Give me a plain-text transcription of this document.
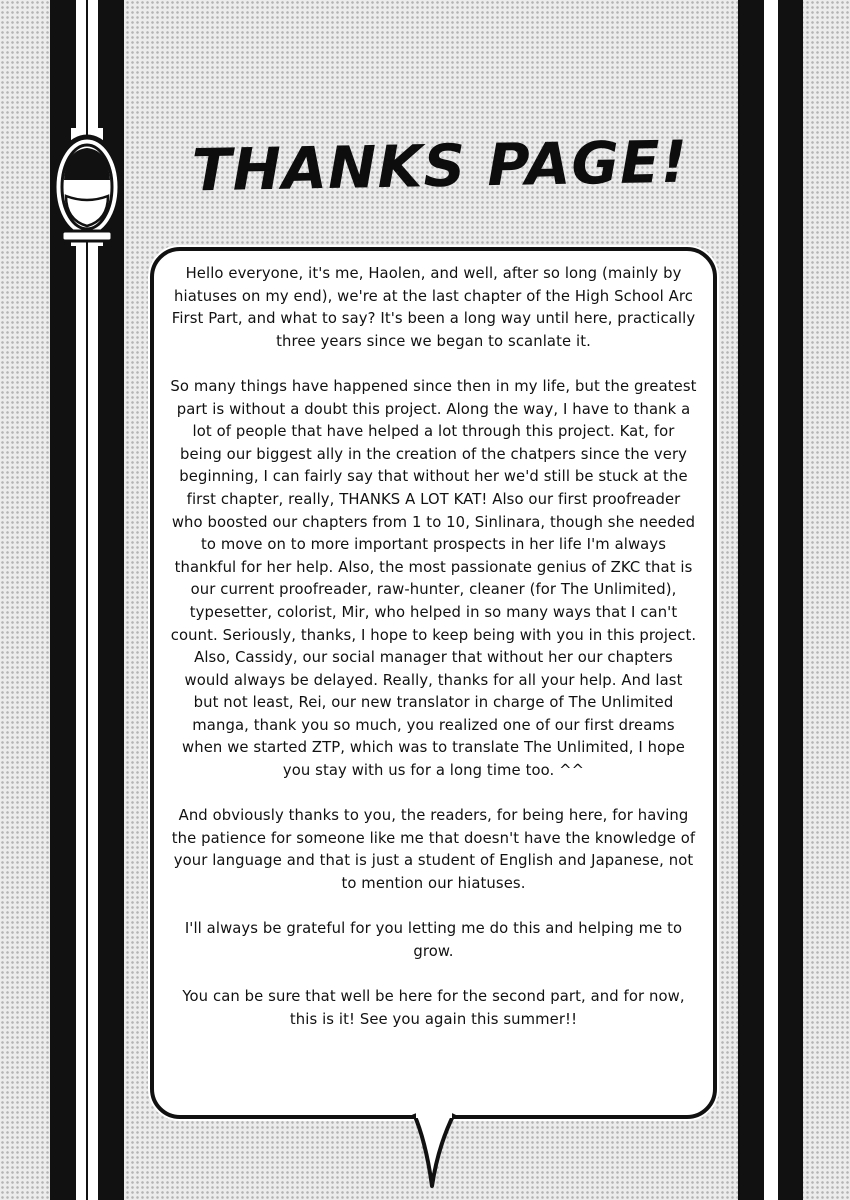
THANKS PAGE!

Hello everyone, it's me, Haolen, and well, after so long (mainly by hiatuses on my end), we're at the last chapter of the High School Arc First Part, and what to say? It's been a long way until here, practically three years since we began to scanlate it.

So many things have happened since then in my life, but the greatest part is without a doubt this project. Along the way, I have to thank a lot of people that have helped a lot through this project. Kat, for being our biggest ally in the creation of the chatpers since the very beginning, I can fairly say that without her we'd still be stuck at the first chapter, really, THANKS A LOT KAT! Also our first proofreader who boosted our chapters from 1 to 10, Sinlinara, though she needed to move on to more important prospects in her life I'm always thankful for her help. Also, the most passionate genius of ZKC that is our current proofreader, raw-hunter, cleaner (for The Unlimited), typesetter, colorist, Mir, who helped in so many ways that I can't count. Seriously, thanks, I hope to keep being with you in this project. Also, Cassidy, our social manager that without her our chapters would always be delayed. Really, thanks for all your help. And last but not least, Rei, our new translator in charge of The Unlimited manga, thank you so much, you realized one of our first dreams when we started ZTP, which was to translate The Unlimited, I hope you stay with us for a long time too. ^^

And obviously thanks to you, the readers, for being here, for having the patience for someone like me that doesn't have the knowledge of your language and that is just a student of English and Japanese, not to mention our hiatuses.

I'll always be grateful for you letting me do this and helping me to grow.

You can be sure that well be here for the second part, and for now, this is it! See you again this summer!!
